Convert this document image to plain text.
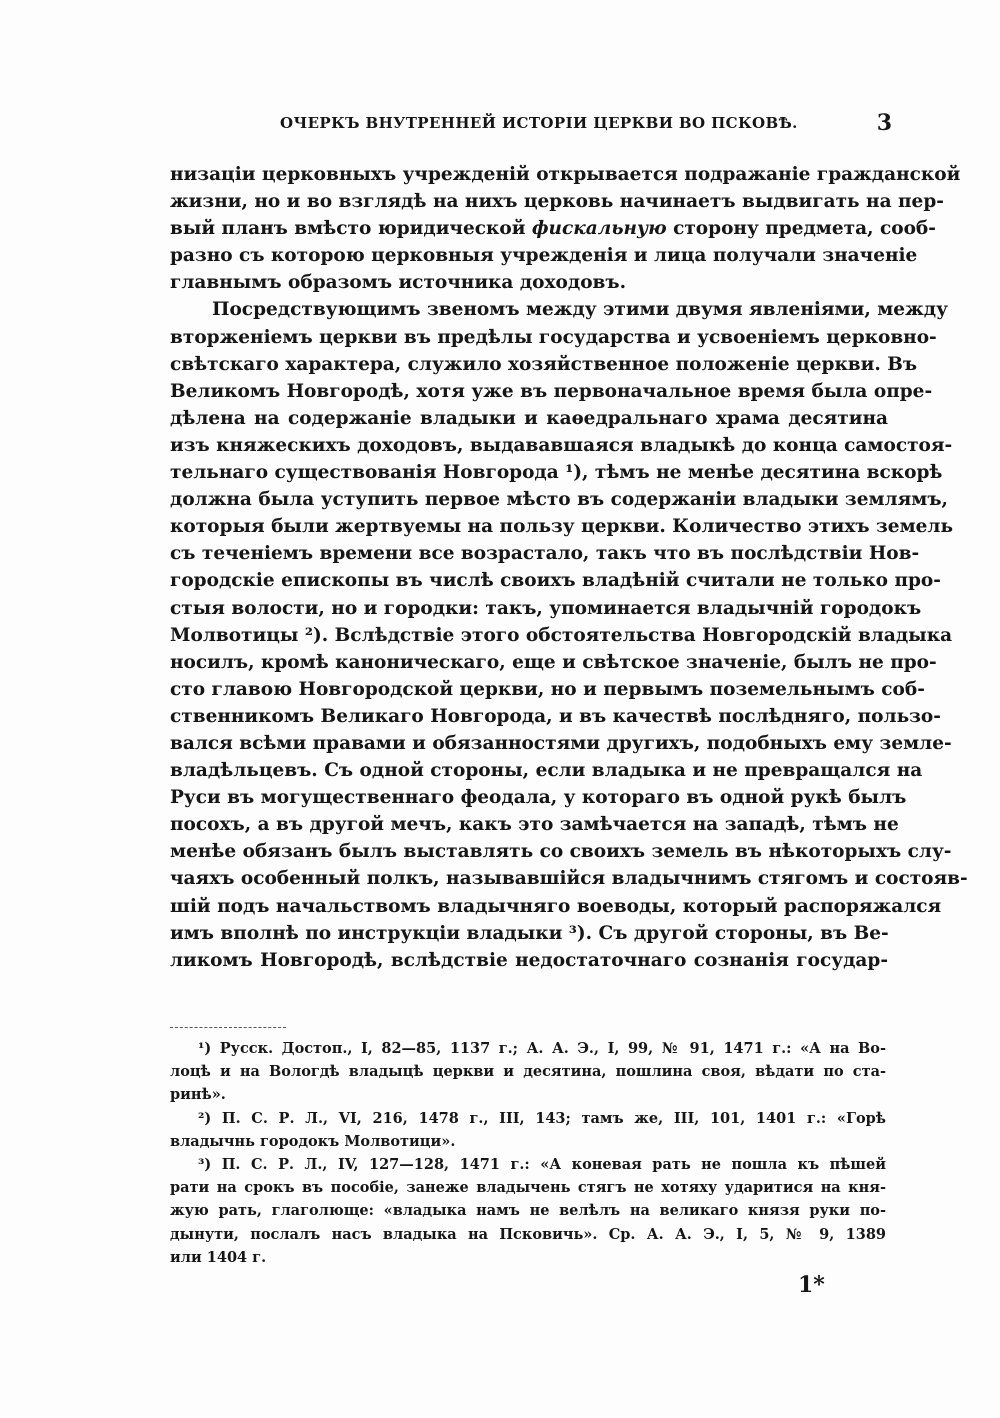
ОЧЕРКЪ ВНУТРЕННЕЙ ИСТОРІИ ЦЕРКВИ ВО ПСКОВѢ.	3
низаціи церковныхъ учрежденій открывается подражаніе гражданской
жизни, но и во взглядѣ на нихъ церковь начинаетъ выдвигать на пер-
вый планъ вмѣсто юридической фискальную сторону предмета, сооб-
разно съ которою церковныя учрежденія и лица получали значеніе
главнымъ образомъ источника доходовъ.
Посредствующимъ звеномъ между этими двумя явленіями, между
вторженіемъ церкви въ предѣлы государства и усвоеніемъ церковно-
свѣтскаго характера, служило хозяйственное положеніе церкви. Въ
Великомъ Новгородѣ, хотя уже въ первоначальное время была опре-
дѣлена на содержаніе владыки и каѳедральнаго храма десятина
изъ княжескихъ доходовъ, выдававшаяся владыкѣ до конца самостоя-
тельнаго существованія Новгорода ¹), тѣмъ не менѣе десятина вскорѣ
должна была уступить первое мѣсто въ содержаніи владыки землямъ,
которыя были жертвуемы на пользу церкви. Количество этихъ земель
съ теченіемъ времени все возрастало, такъ что въ послѣдствіи Нов-
городскіе епископы въ числѣ своихъ владѣній считали не только про-
стыя волости, но и городки: такъ, упоминается владычній городокъ
Молвотицы ²). Вслѣдствіе этого обстоятельства Новгородскій владыка
носилъ, кромѣ каноническаго, еще и свѣтское значеніе, былъ не про-
сто главою Новгородской церкви, но и первымъ поземельнымъ соб-
ственникомъ Великаго Новгорода, и въ качествѣ послѣдняго, пользо-
вался всѣми правами и обязанностями другихъ, подобныхъ ему земле-
владѣльцевъ. Съ одной стороны, если владыка и не превращался на
Руси въ могущественнаго феодала, у котораго въ одной рукѣ былъ
посохъ, а въ другой мечъ, какъ это замѣчается на западѣ, тѣмъ не
менѣе обязанъ былъ выставлять со своихъ земель въ нѣкоторыхъ слу-
чаяхъ особенный полкъ, называвшійся владычнимъ стягомъ и состояв-
шій подъ начальствомъ владычняго воеводы, который распоряжался
имъ вполнѣ по инструкціи владыки ³). Съ другой стороны, въ Ве-
ликомъ Новгородѣ, вслѣдствіе недостаточнаго сознанія государ-
¹) Русск. Достоп., I, 82—85, 1137 г.; А. А. Э., I, 99, № 91, 1471 г.: «А на Во-
лоцѣ и на Вологдѣ владыцѣ церкви и десятина, пошлина своя, вѣдати по ста-
ринѣ».
²) П. С. Р. Л., VI, 216, 1478 г., III, 143; тамъ же, III, 101, 1401 г.: «Горѣ
владычнь городокъ Молвотици».
³) П. С. Р. Л., IV, 127—128, 1471 г.: «А коневая рать не пошла къ пѣшей
рати на срокъ въ пособіе, занеже владычень стягъ не хотяху ударитися на кня-
жую рать, глаголюще: «владыка намъ не велѣлъ на великаго князя руки по-
дынути, послалъ насъ владыка на Псковичь». Ср. А. А. Э., I, 5, № 9, 1389
или 1404 г.
1*
